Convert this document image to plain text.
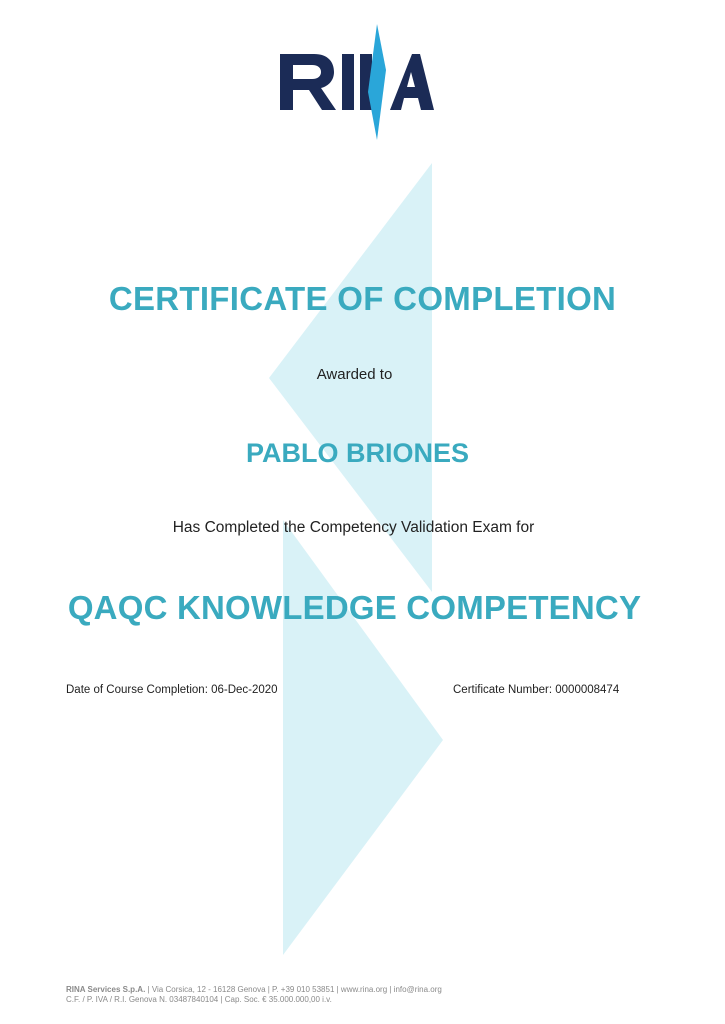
CERTIFICATE OF COMPLETION
Awarded to
PABLO BRIONES
Has Completed the Competency Validation Exam for
QAQC KNOWLEDGE COMPETENCY
Date of Course Completion: 06-Dec-2020	Certificate Number: 0000008474
RINA Services S.p.A. | Via Corsica, 12 - 16128 Genova | P. +39 010 53851 | www.rina.org | info@rina.org
C.F. / P. IVA / R.I. Genova N. 03487840104 | Cap. Soc. € 35.000.000,00 i.v.
